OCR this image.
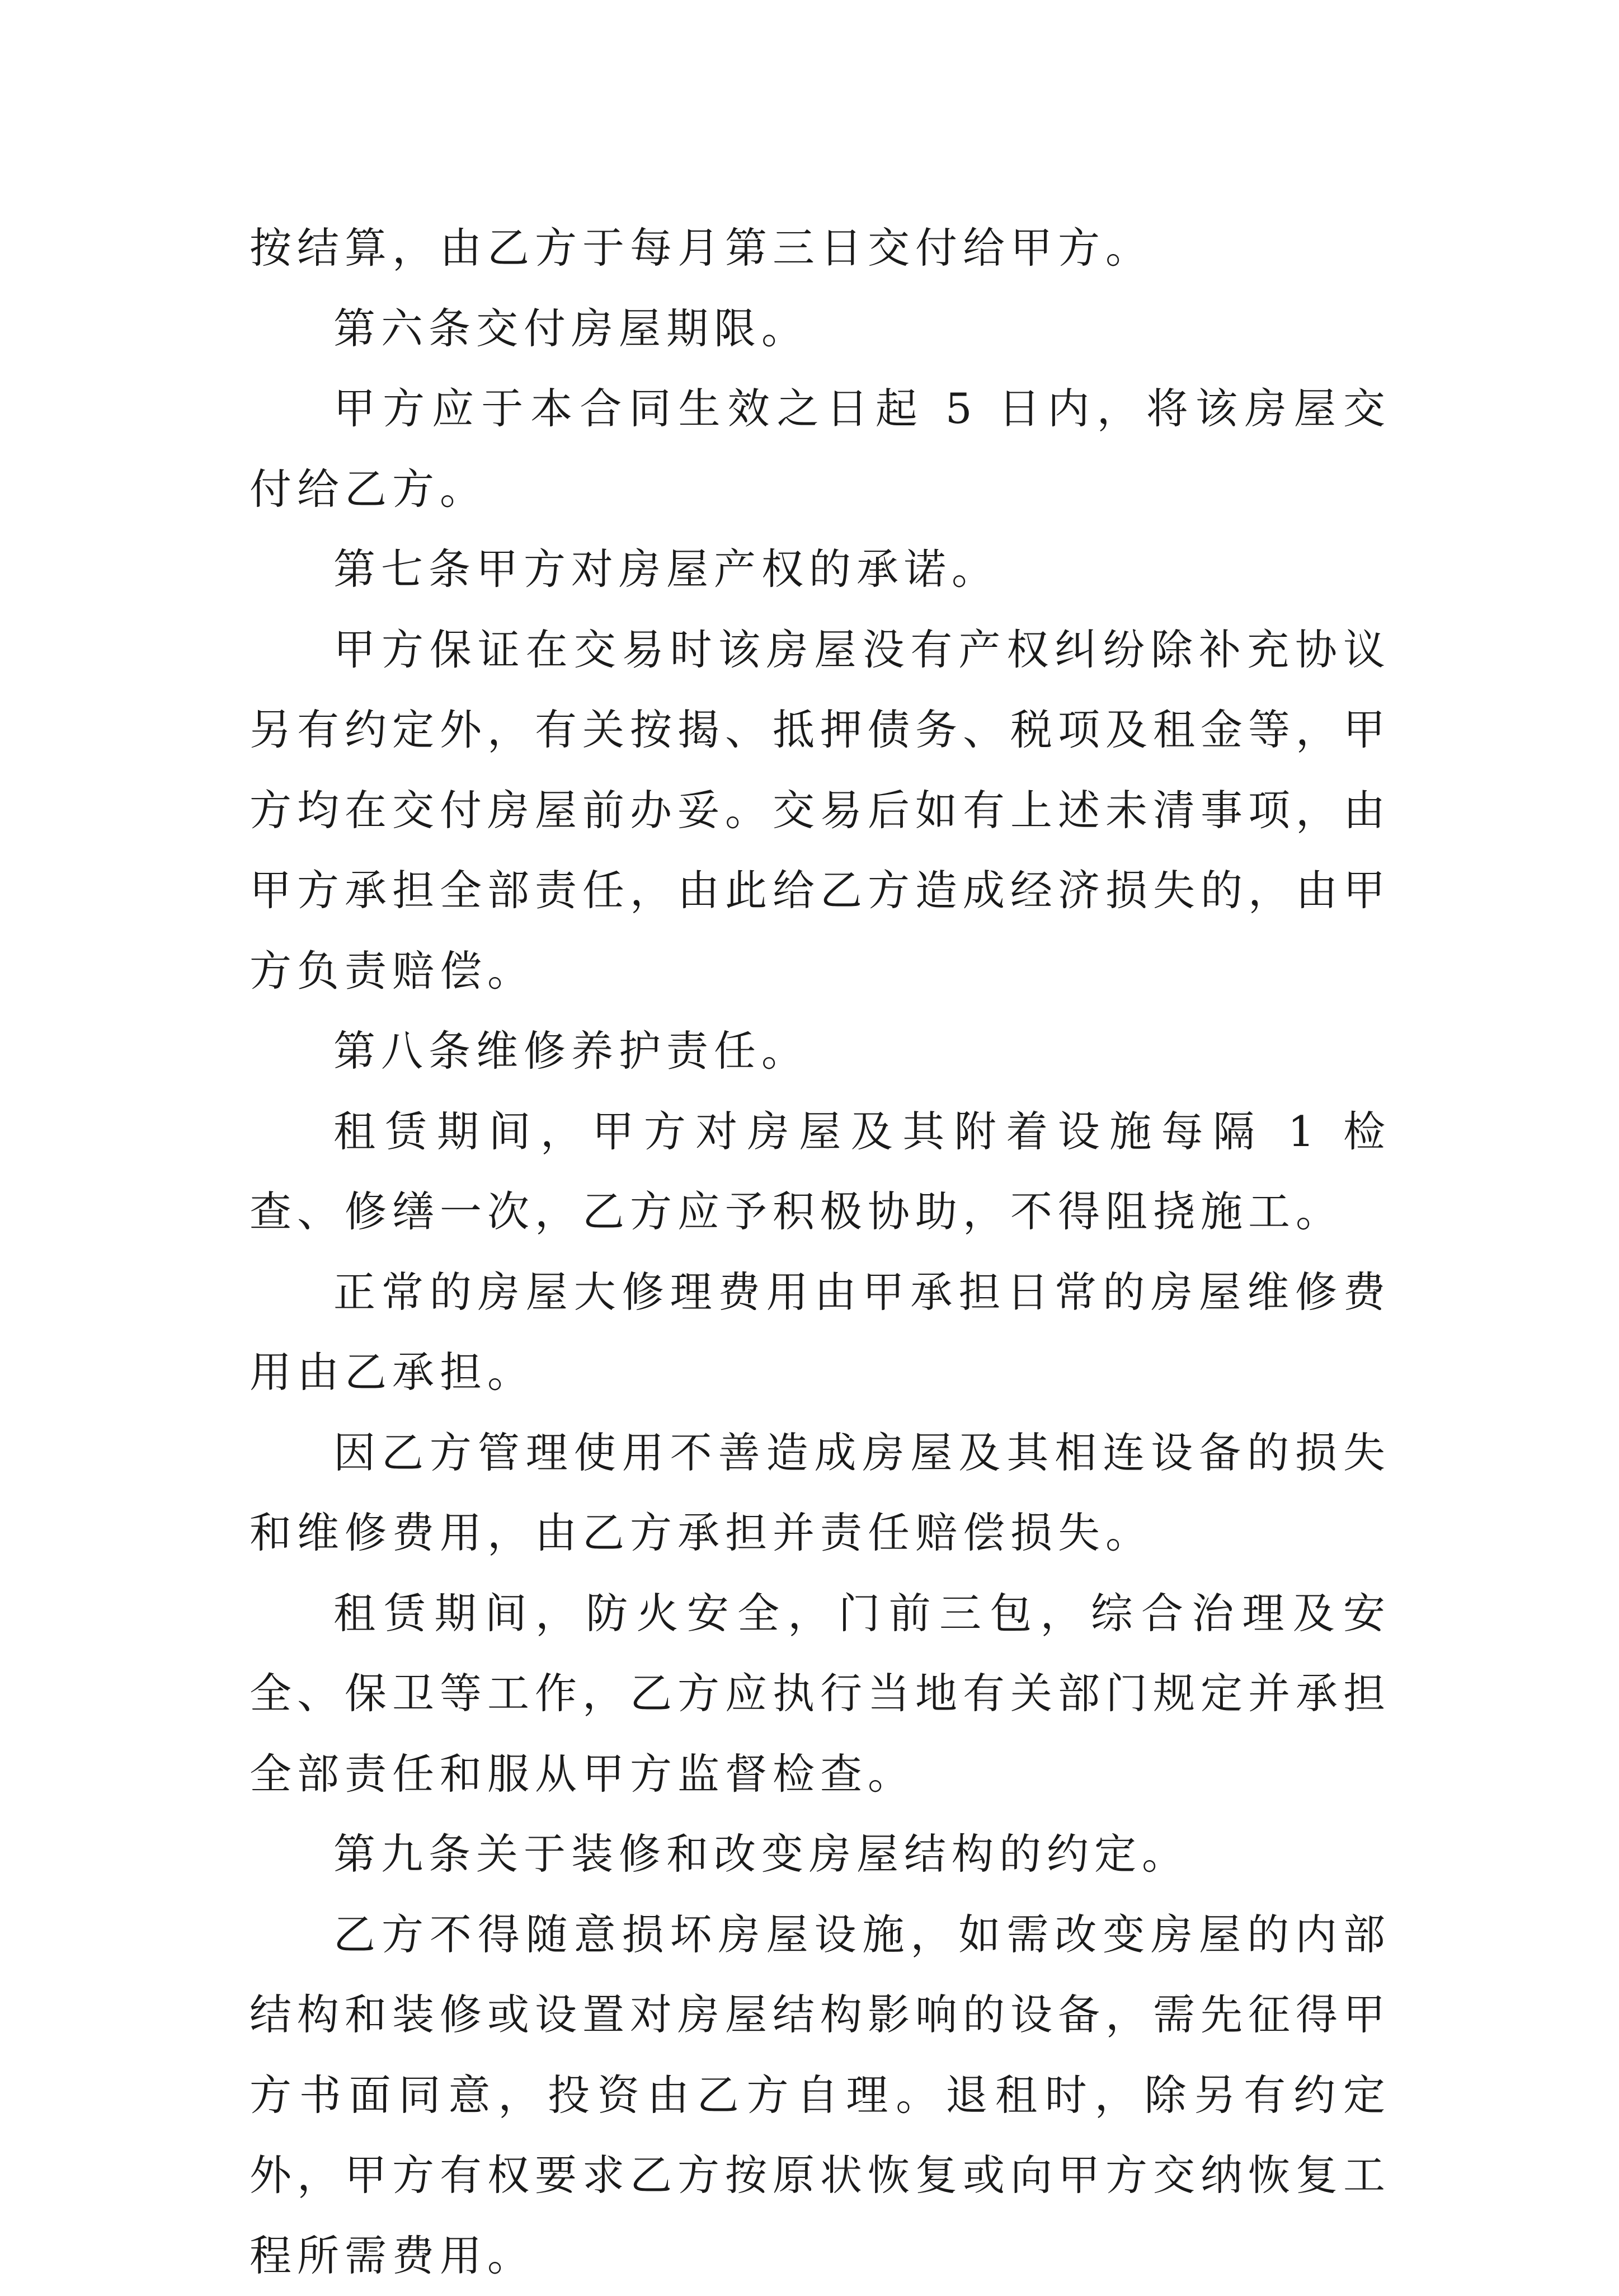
按结算，由乙方于每月第三日交付给甲方。

第六条交付房屋期限。

甲方应于本合同生效之日起 5 日内，将该房屋交付给乙方。

第七条甲方对房屋产权的承诺。

甲方保证在交易时该房屋没有产权纠纷除补充协议另有约定外，有关按揭、抵押债务、税项及租金等，甲方均在交付房屋前办妥。交易后如有上述未清事项，由甲方承担全部责任，由此给乙方造成经济损失的，由甲方负责赔偿。

第八条维修养护责任。

租赁期间，甲方对房屋及其附着设施每隔 1 检查、修缮一次，乙方应予积极协助，不得阻挠施工。

正常的房屋大修理费用由甲承担日常的房屋维修费用由乙承担。

因乙方管理使用不善造成房屋及其相连设备的损失和维修费用，由乙方承担并责任赔偿损失。

租赁期间，防火安全，门前三包，综合治理及安全、保卫等工作，乙方应执行当地有关部门规定并承担全部责任和服从甲方监督检查。

第九条关于装修和改变房屋结构的约定。

乙方不得随意损坏房屋设施，如需改变房屋的内部结构和装修或设置对房屋结构影响的设备，需先征得甲方书面同意，投资由乙方自理。退租时，除另有约定外，甲方有权要求乙方按原状恢复或向甲方交纳恢复工程所需费用。
